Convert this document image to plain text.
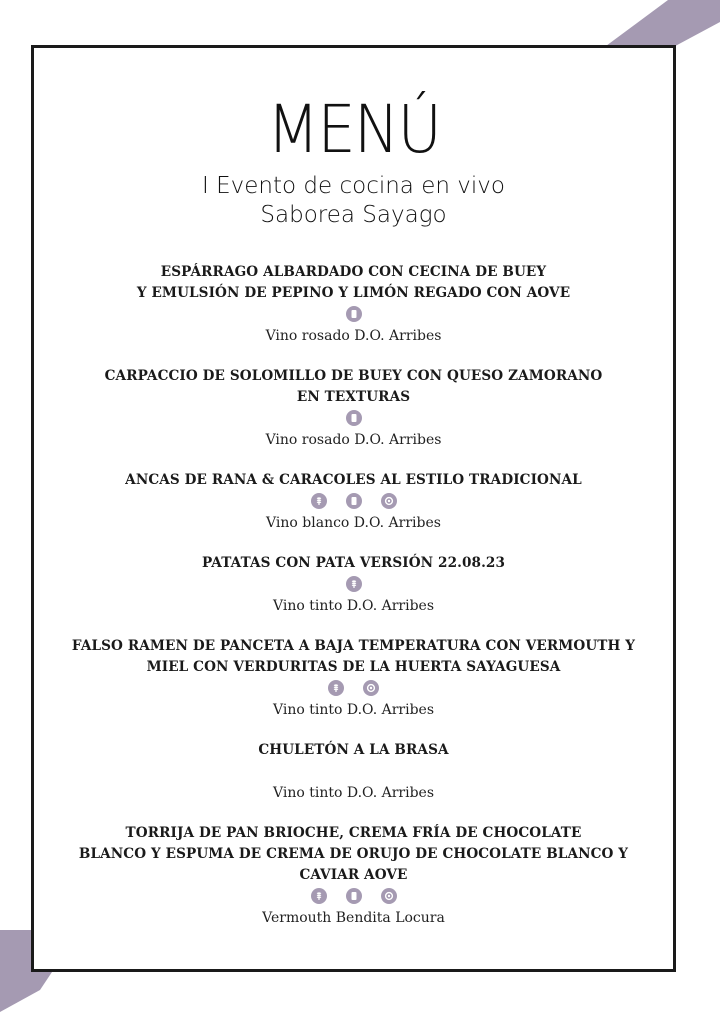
MENÚ
I Evento de cocina en vivo
Saborea Sayago
ESPÁRRAGO ALBARDADO CON CECINA DE BUEY
Y EMULSIÓN DE PEPINO Y LIMÓN REGADO CON AOVE
Vino rosado D.O. Arribes
CARPACCIO DE SOLOMILLO DE BUEY CON QUESO ZAMORANO
EN TEXTURAS
Vino rosado D.O. Arribes
ANCAS DE RANA & CARACOLES AL ESTILO TRADICIONAL
Vino blanco D.O. Arribes
PATATAS CON PATA VERSIÓN 22.08.23
Vino tinto D.O. Arribes
FALSO RAMEN DE PANCETA A BAJA TEMPERATURA CON VERMOUTH Y
MIEL CON VERDURITAS DE LA HUERTA SAYAGUESA
Vino tinto D.O. Arribes
CHULETÓN A LA BRASA
Vino tinto D.O. Arribes
TORRIJA DE PAN BRIOCHE, CREMA FRÍA DE CHOCOLATE
BLANCO Y ESPUMA DE CREMA DE ORUJO DE CHOCOLATE BLANCO Y
CAVIAR AOVE
Vermouth Bendita Locura
